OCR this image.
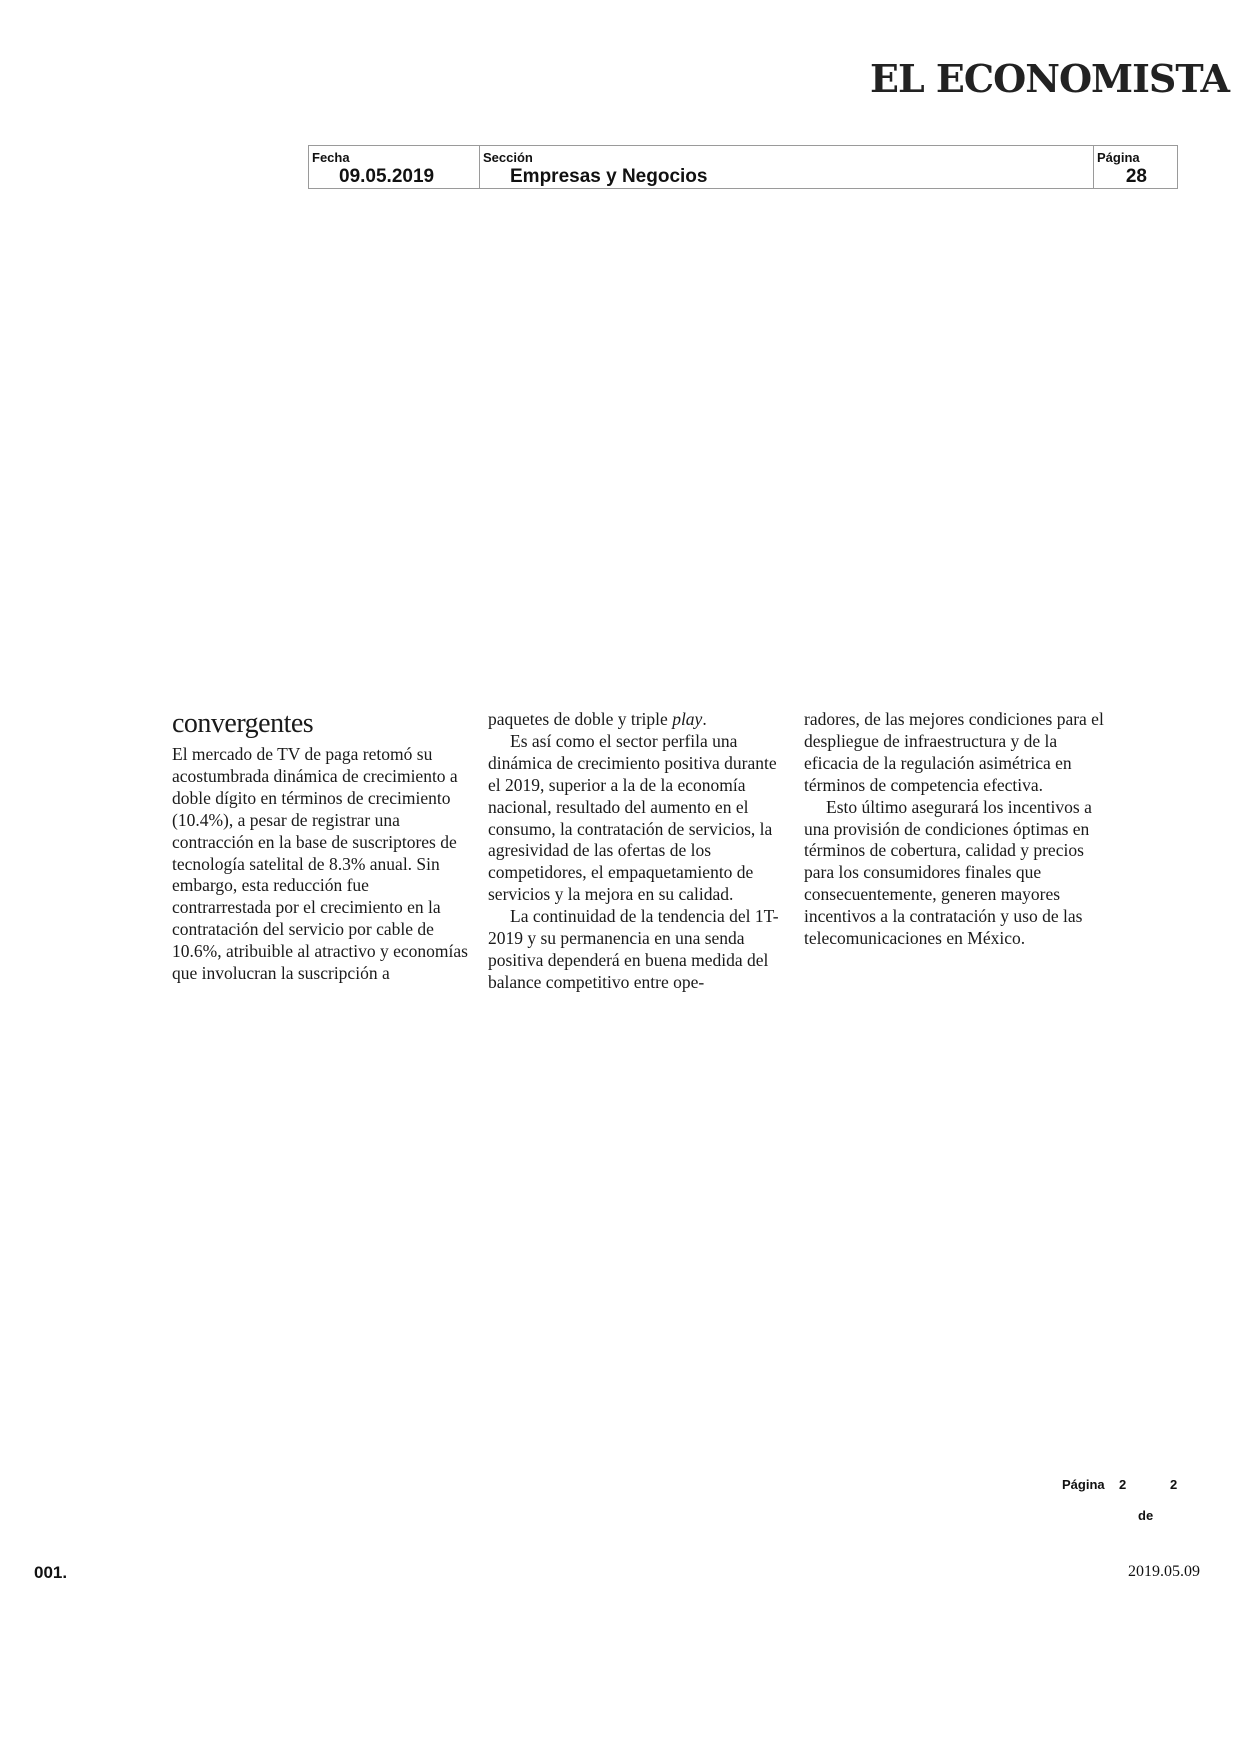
EL ECONOMISTA
Fecha
09.05.2019
Sección
Empresas y Negocios
Página
28
convergentes

El mercado de TV de paga retomó su acostumbrada dinámica de crecimiento a doble dígito en términos de crecimiento (10.4%), a pesar de registrar una contracción en la base de suscriptores de tecnología satelital de 8.3% anual. Sin embargo, esta reducción fue contrarrestada por el crecimiento en la contratación del servicio por cable de 10.6%, atribuible al atractivo y economías que involucran la suscripción a

paquetes de doble y triple play.

Es así como el sector perfila una dinámica de crecimiento positiva durante el 2019, superior a la de la economía nacional, resultado del aumento en el consumo, la contratación de servicios, la agresividad de las ofertas de los competidores, el empaquetamiento de servicios y la mejora en su calidad.

La continuidad de la tendencia del 1T-2019 y su permanencia en una senda positiva dependerá en buena medida del balance competitivo entre ope-

radores, de las mejores condiciones para el despliegue de infraestructura y de la eficacia de la regulación asimétrica en términos de competencia efectiva.

Esto último asegurará los incentivos a una provisión de condiciones óptimas en términos de cobertura, calidad y precios para los consumidores finales que consecuentemente, generen mayores incentivos a la contratación y uso de las telecomunicaciones en México.

Página 2	2
de
001.	2019.05.09
